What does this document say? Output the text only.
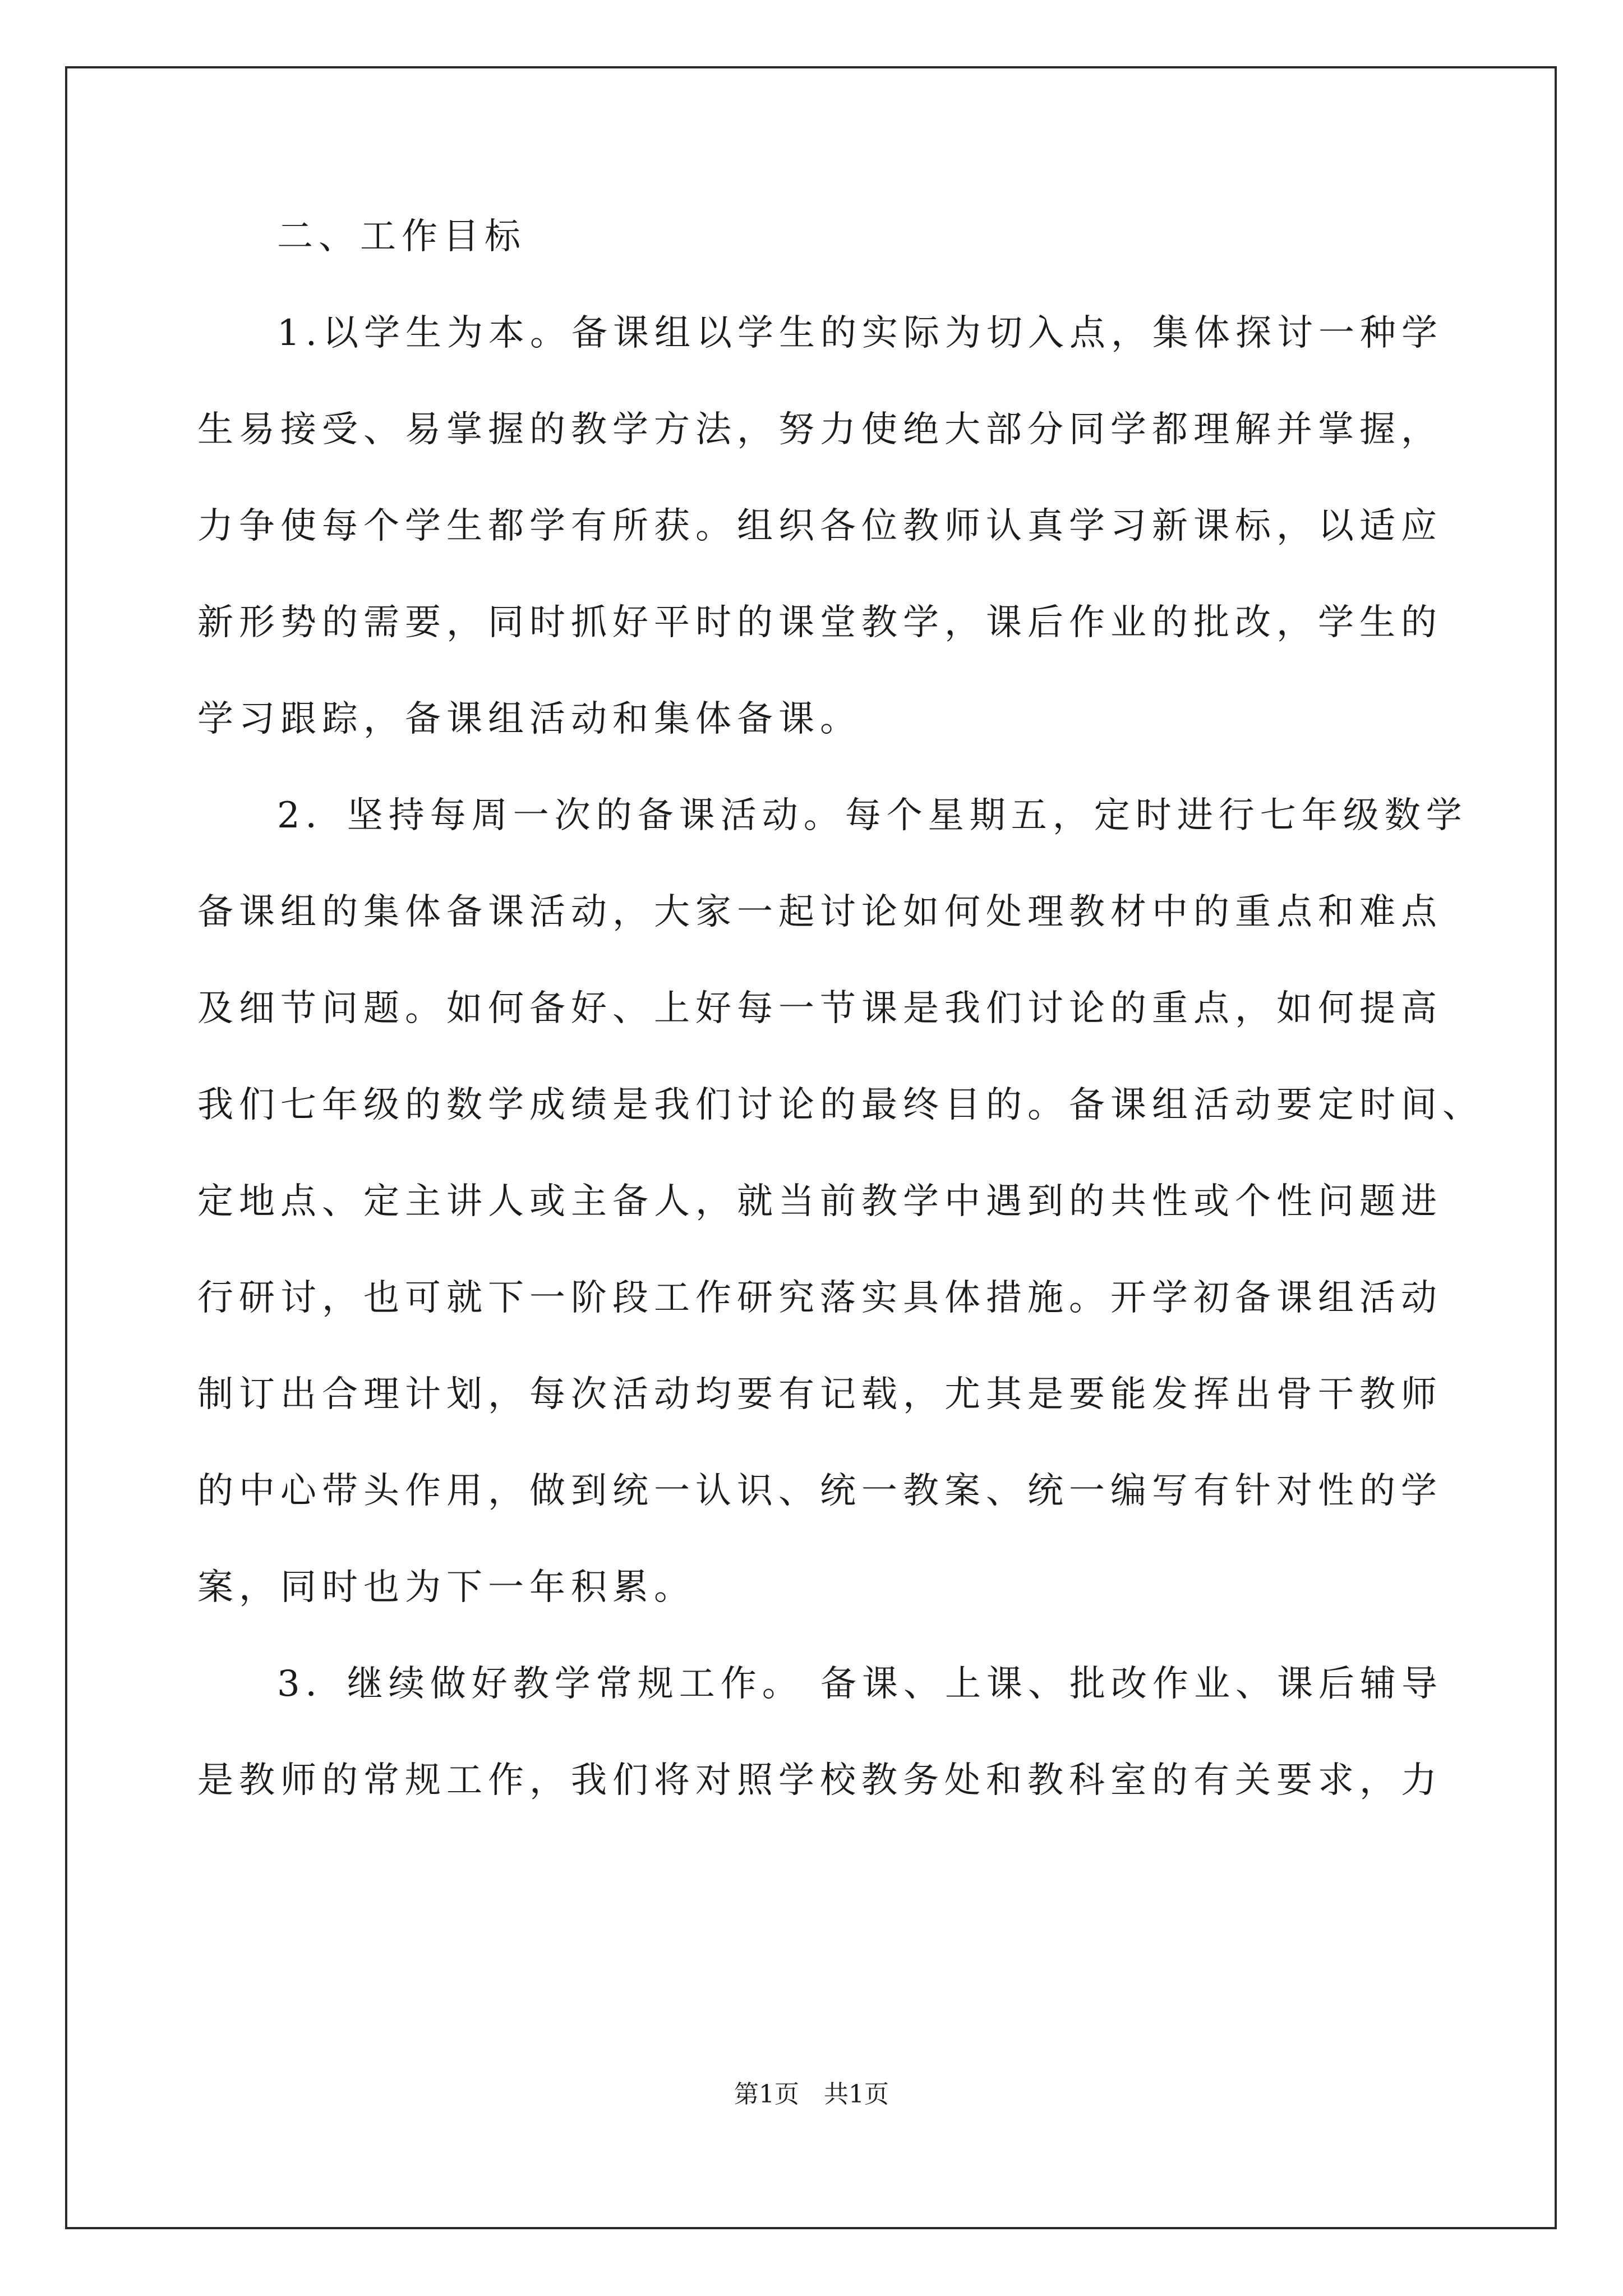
二、工作目标
1.以学生为本。备课组以学生的实际为切入点，集体探讨一种学
生易接受、易掌握的教学方法，努力使绝大部分同学都理解并掌握，
力争使每个学生都学有所获。组织各位教师认真学习新课标，以适应
新形势的需要，同时抓好平时的课堂教学，课后作业的批改，学生的
学习跟踪，备课组活动和集体备课。
2．坚持每周一次的备课活动。每个星期五，定时进行七年级数学
备课组的集体备课活动，大家一起讨论如何处理教材中的重点和难点
及细节问题。如何备好、上好每一节课是我们讨论的重点，如何提高
我们七年级的数学成绩是我们讨论的最终目的。备课组活动要定时间、
定地点、定主讲人或主备人，就当前教学中遇到的共性或个性问题进
行研讨，也可就下一阶段工作研究落实具体措施。开学初备课组活动
制订出合理计划，每次活动均要有记载，尤其是要能发挥出骨干教师
的中心带头作用，做到统一认识、统一教案、统一编写有针对性的学
案，同时也为下一年积累。
3．继续做好教学常规工作。 备课、上课、批改作业、课后辅导
是教师的常规工作，我们将对照学校教务处和教科室的有关要求，力
第1页　共1页
